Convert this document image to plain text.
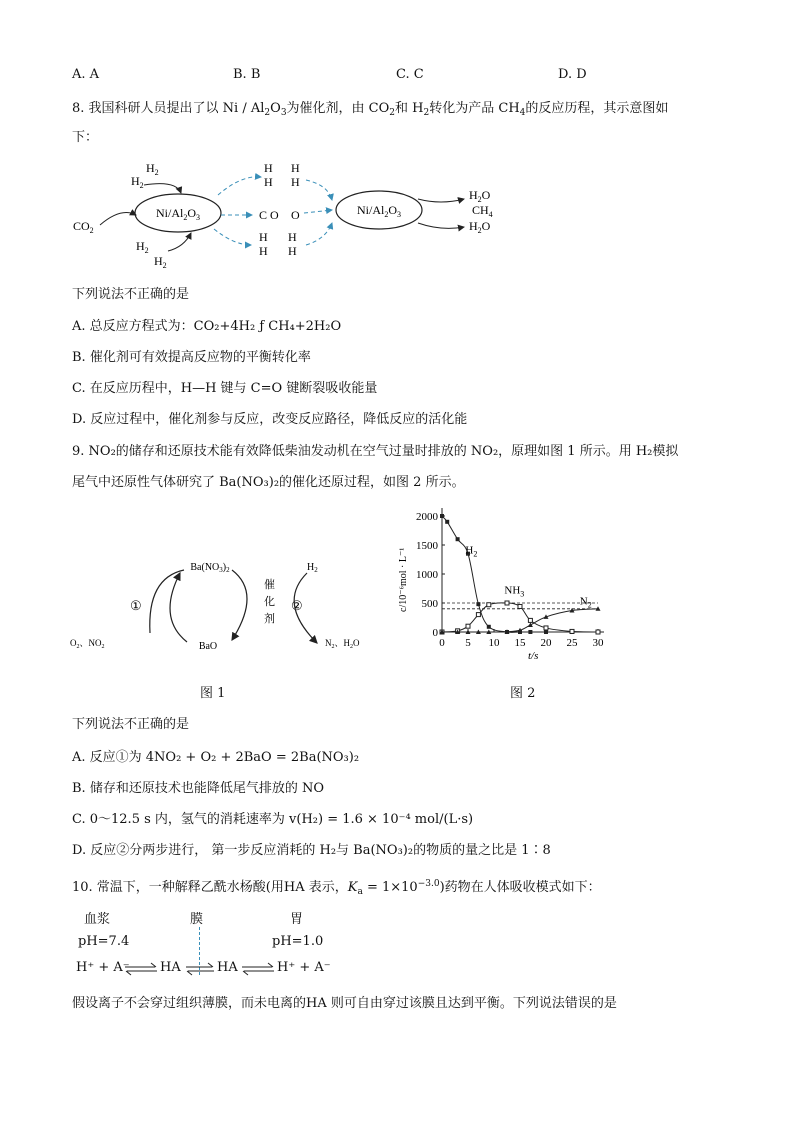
A. A	B. B	C. C	D. D
8. 我国科研人员提出了以 Ni / $Al_2O_3$为催化剂，由 $CO_2$和 $H_2$转化为产品 $CH_4$的反应历程，其示意图如
下：
$Ni/Al_2O_3$
$Ni/Al_2O_3$
$CO_2$
$H_2$
$H_2$
$H_2$
$H_2$
H H
H H
C O O
H H
H H
$H_2O$
$CH_4$
$H_2O$
下列说法不正确的是
A. 总反应方程式为：CO₂+4H₂ ƒ CH₄+2H₂O
B. 催化剂可有效提高反应物的平衡转化率
C. 在反应历程中，H—H 键与 C=O 键断裂吸收能量
D. 反应过程中，催化剂参与反应，改变反应路径，降低反应的活化能
9. NO₂的储存和还原技术能有效降低柴油发动机在空气过量时排放的 NO₂，原理如图 1 所示。用 H₂模拟
尾气中还原性气体研究了 Ba(NO₃)₂的催化还原过程，如图 2 所示。
$Ba(NO_3)_2$
BaO
$O_2$、$NO_2$	$N_2$、$H_2O$
$H_2$
①	②
催
化
剂
图 1
0 5 10 15 20 25 30
0
500
1000
1500
2000
t/s
c/10⁻⁶mol · L⁻¹	$H_2$
$NH_3$
$N_2$
图 2
下列说法不正确的是
A. 反应①为 4NO₂ + O₂ + 2BaO = 2Ba(NO₃)₂
B. 储存和还原技术也能降低尾气排放的 NO
C. 0～12.5 s 内，氢气的消耗速率为 v(H₂) = 1.6 × 10⁻⁴ mol/(L·s)
D. 反应②分两步进行， 第一步反应消耗的 H₂与 Ba(NO₃)₂的物质的量之比是 1∶8
10. 常温下，一种解释乙酰水杨酸(用HA 表示，$K_a = 1\times 10^{-3.0}$)药物在人体吸收模式如下：
血浆	膜	胃
pH=7.4	pH=1.0
H⁺ + A⁻ ⇌ HA ⇌ HA ⇌ H⁺ + A⁻
假设离子不会穿过组织薄膜，而未电离的HA 则可自由穿过该膜且达到平衡。下列说法错误的是
